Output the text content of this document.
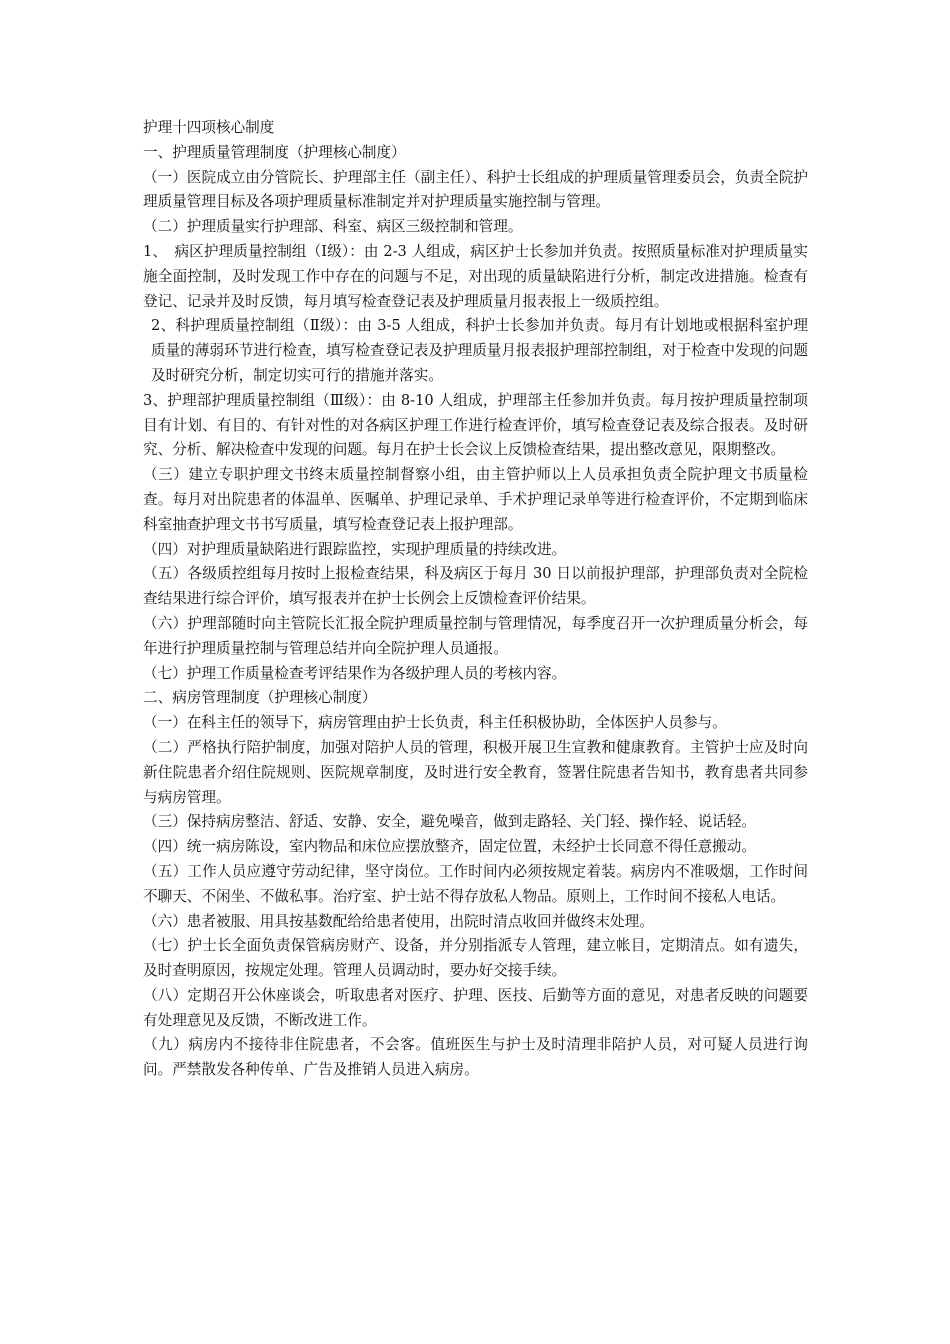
护理十四项核心制度

一、护理质量管理制度（护理核心制度）

（一）医院成立由分管院长、护理部主任（副主任）、科护士长组成的护理质量管理委员会，负责全院护理质量管理目标及各项护理质量标准制定并对护理质量实施控制与管理。

（二）护理质量实行护理部、科室、病区三级控制和管理。

1、　病区护理质量控制组（Ⅰ级）：由 2-3 人组成，病区护士长参加并负责。按照质量标准对护理质量实施全面控制，及时发现工作中存在的问题与不足，对出现的质量缺陷进行分析，制定改进措施。检查有登记、记录并及时反馈，每月填写检查登记表及护理质量月报表报上一级质控组。

2、科护理质量控制组（Ⅱ级）：由 3-5 人组成，科护士长参加并负责。每月有计划地或根据科室护理质量的薄弱环节进行检查，填写检查登记表及护理质量月报表报护理部控制组，对于检查中发现的问题及时研究分析，制定切实可行的措施并落实。

3、护理部护理质量控制组（Ⅲ级）：由 8-10 人组成，护理部主任参加并负责。每月按护理质量控制项目有计划、有目的、有针对性的对各病区护理工作进行检查评价，填写检查登记表及综合报表。及时研究、分析、解决检查中发现的问题。每月在护士长会议上反馈检查结果，提出整改意见，限期整改。

（三）建立专职护理文书终末质量控制督察小组，由主管护师以上人员承担负责全院护理文书质量检查。每月对出院患者的体温单、医嘱单、护理记录单、手术护理记录单等进行检查评价，不定期到临床科室抽查护理文书书写质量，填写检查登记表上报护理部。

（四）对护理质量缺陷进行跟踪监控，实现护理质量的持续改进。

（五）各级质控组每月按时上报检查结果，科及病区于每月 30 日以前报护理部，护理部负责对全院检查结果进行综合评价，填写报表并在护士长例会上反馈检查评价结果。

（六）护理部随时向主管院长汇报全院护理质量控制与管理情况，每季度召开一次护理质量分析会，每年进行护理质量控制与管理总结并向全院护理人员通报。

（七）护理工作质量检查考评结果作为各级护理人员的考核内容。

二、病房管理制度（护理核心制度）

（一）在科主任的领导下，病房管理由护士长负责，科主任积极协助，全体医护人员参与。

（二）严格执行陪护制度，加强对陪护人员的管理，积极开展卫生宣教和健康教育。主管护士应及时向新住院患者介绍住院规则、医院规章制度，及时进行安全教育，签署住院患者告知书，教育患者共同参与病房管理。

（三）保持病房整洁、舒适、安静、安全，避免噪音，做到走路轻、关门轻、操作轻、说话轻。

（四）统一病房陈设，室内物品和床位应摆放整齐，固定位置，未经护士长同意不得任意搬动。

（五）工作人员应遵守劳动纪律，坚守岗位。工作时间内必须按规定着装。病房内不准吸烟，工作时间不聊天、不闲坐、不做私事。治疗室、护士站不得存放私人物品。原则上，工作时间不接私人电话。

（六）患者被服、用具按基数配给给患者使用，出院时清点收回并做终末处理。

（七）护士长全面负责保管病房财产、设备，并分别指派专人管理，建立帐目，定期清点。如有遗失，及时查明原因，按规定处理。管理人员调动时，要办好交接手续。

（八）定期召开公休座谈会，听取患者对医疗、护理、医技、后勤等方面的意见，对患者反映的问题要有处理意见及反馈，不断改进工作。

（九）病房内不接待非住院患者，不会客。值班医生与护士及时清理非陪护人员，对可疑人员进行询问。严禁散发各种传单、广告及推销人员进入病房。
